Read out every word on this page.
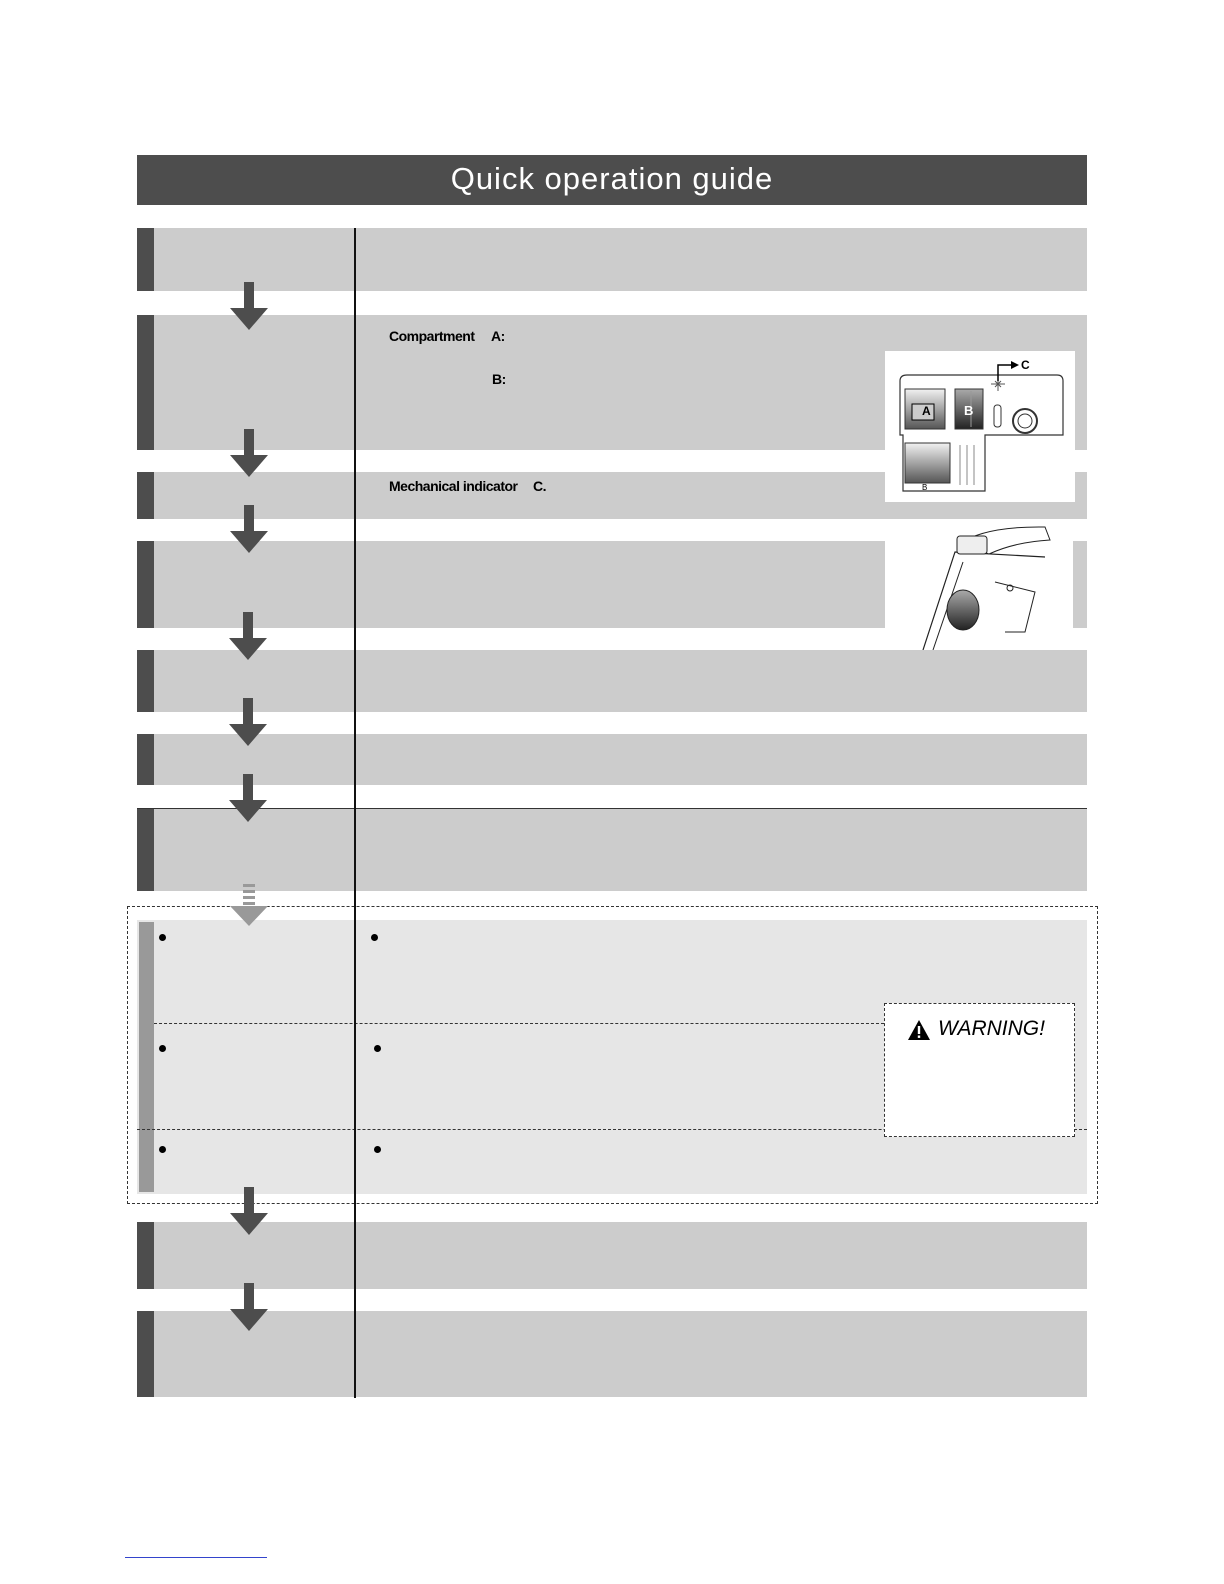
Quick operation guide
WARNING!
Compartment A:
B:
Mechanical indicator C.
A	B
C
B
